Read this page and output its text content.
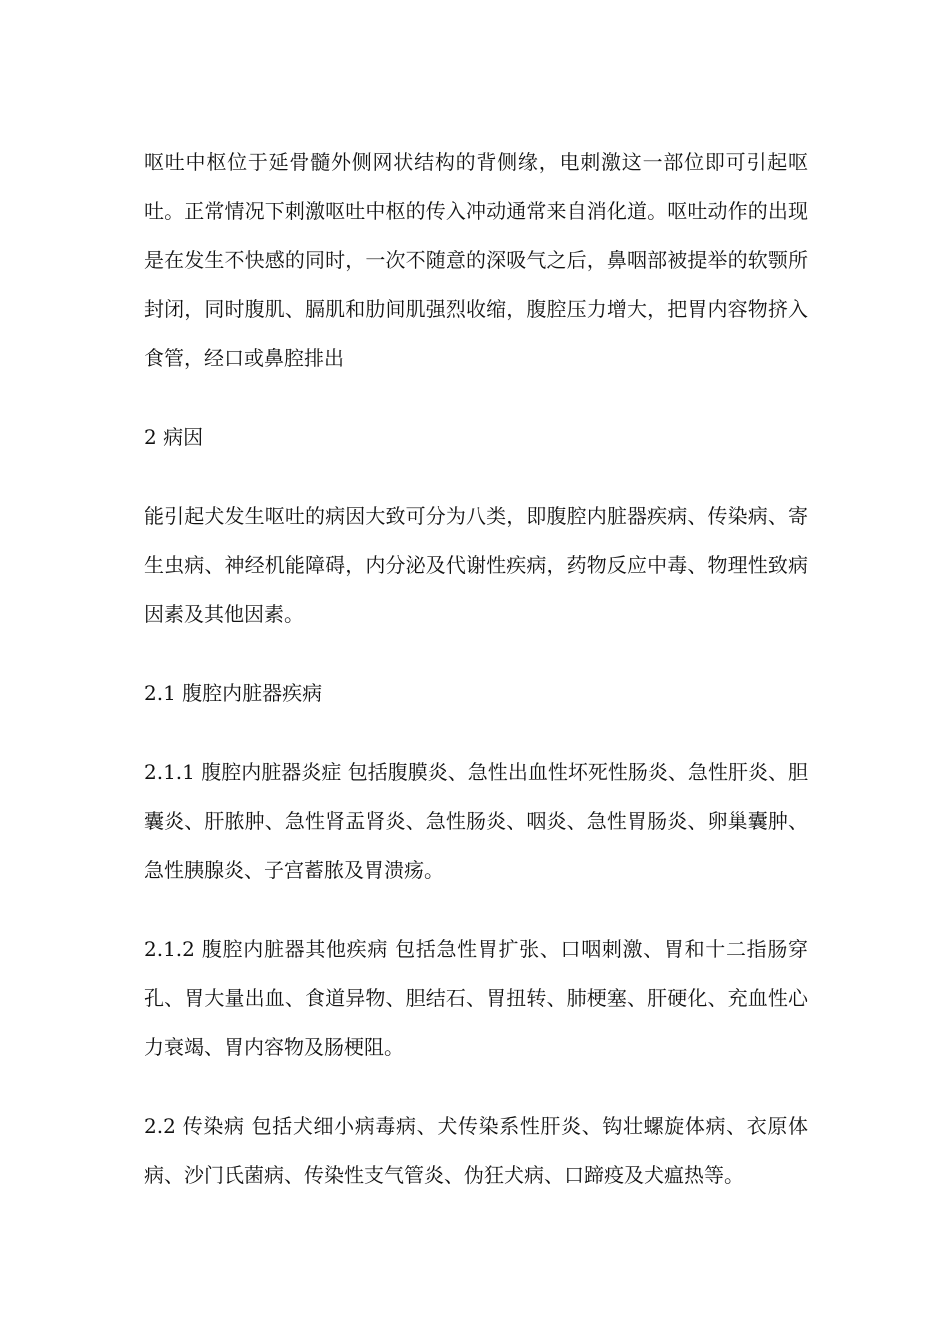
呕吐中枢位于延骨髓外侧网状结构的背侧缘，电刺激这一部位即可引起呕吐。正常情况下刺激呕吐中枢的传入冲动通常来自消化道。呕吐动作的出现是在发生不快感的同时，一次不随意的深吸气之后，鼻咽部被提举的软颚所封闭，同时腹肌、膈肌和肋间肌强烈收缩，腹腔压力增大，把胃内容物挤入食管，经口或鼻腔排出

2 病因

能引起犬发生呕吐的病因大致可分为八类，即腹腔内脏器疾病、传染病、寄生虫病、神经机能障碍，内分泌及代谢性疾病，药物反应中毒、物理性致病因素及其他因素。

2.1 腹腔内脏器疾病

2.1.1 腹腔内脏器炎症 包括腹膜炎、急性出血性坏死性肠炎、急性肝炎、胆囊炎、肝脓肿、急性肾盂肾炎、急性肠炎、咽炎、急性胃肠炎、卵巢囊肿、急性胰腺炎、子宫蓄脓及胃溃疡。

2.1.2 腹腔内脏器其他疾病 包括急性胃扩张、口咽刺激、胃和十二指肠穿孔、胃大量出血、食道异物、胆结石、胃扭转、肺梗塞、肝硬化、充血性心力衰竭、胃内容物及肠梗阻。

2.2 传染病 包括犬细小病毒病、犬传染系性肝炎、钩壮螺旋体病、衣原体病、沙门氏菌病、传染性支气管炎、伪狂犬病、口蹄疫及犬瘟热等。
